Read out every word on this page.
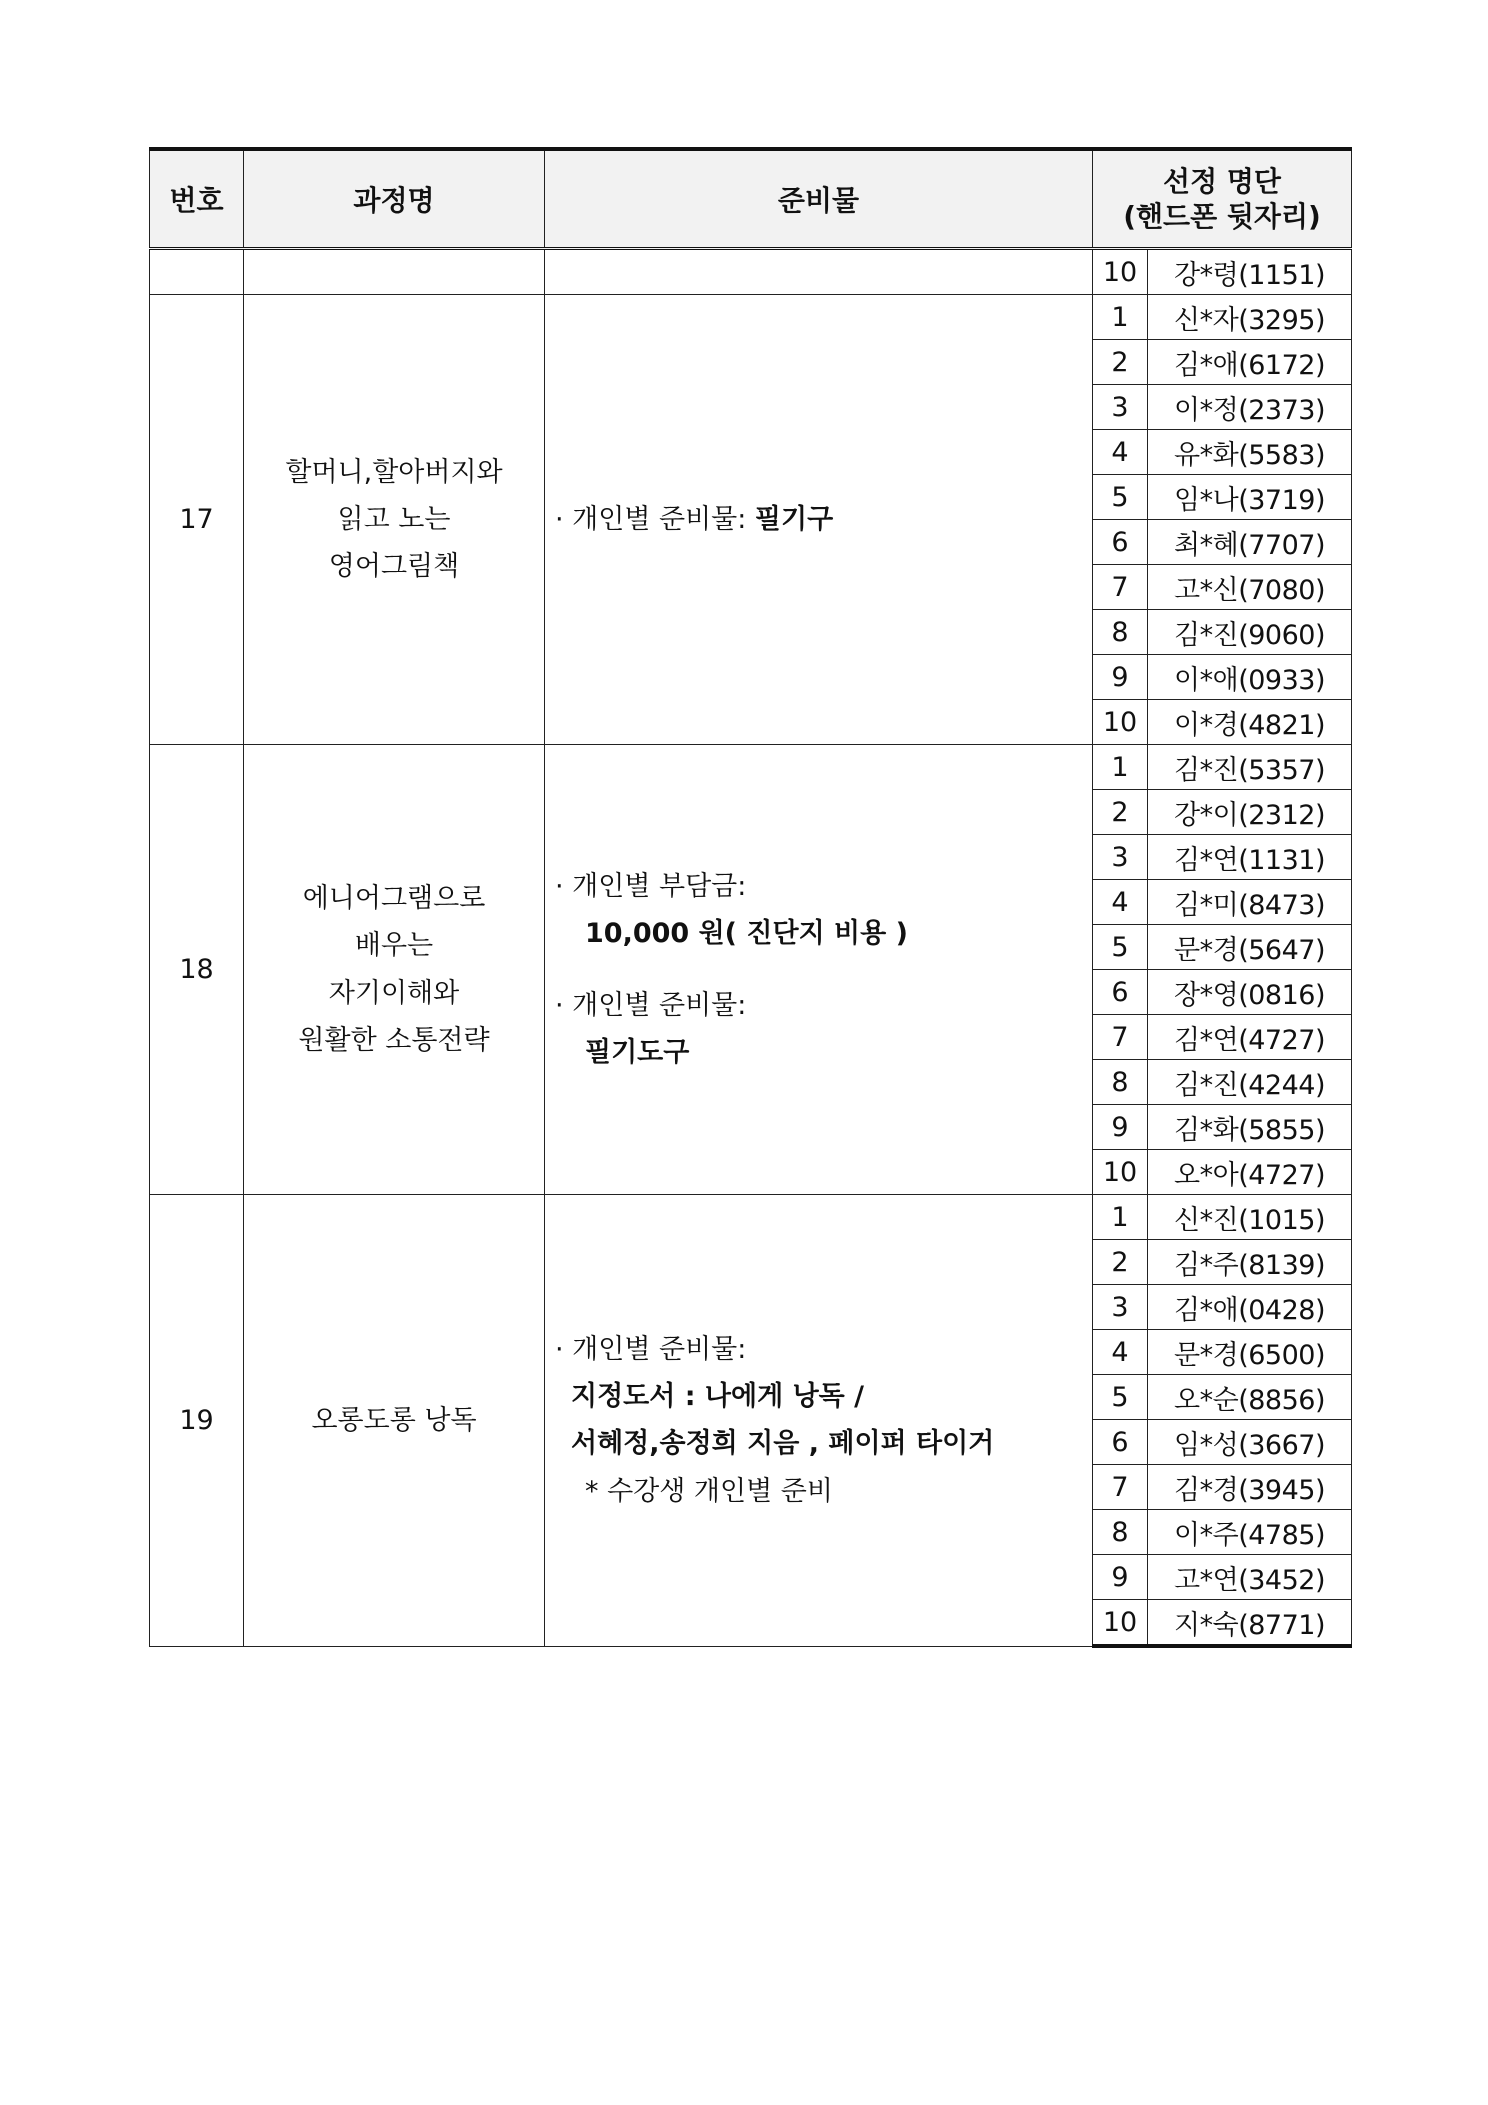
번호	과정명	준비물	선정 명단
(핸드폰 뒷자리)	

			10	강*령(1151)
17	할머니,할아버지와
읽고 노는
영어그림책	· 개인별 준비물: 필기구	1	신*자(3295)
			2	김*애(6172)
			3	이*정(2373)
			4	유*화(5583)
			5	임*나(3719)
			6	최*혜(7707)
			7	고*신(7080)
			8	김*진(9060)
			9	이*애(0933)
			10	이*경(4821)
18	에니어그램으로
배우는
자기이해와
원활한 소통전략	· 개인별 부담금:
10,000 원( 진단지 비용 )
· 개인별 준비물:
필기도구	1	김*진(5357)
			2	강*이(2312)
			3	김*연(1131)
			4	김*미(8473)
			5	문*경(5647)
			6	장*영(0816)
			7	김*연(4727)
			8	김*진(4244)
			9	김*화(5855)
			10	오*아(4727)
19	오롱도롱 낭독	· 개인별 준비물:
지정도서 : 나에게 낭독 /
서혜정,송정희 지음 , 페이퍼 타이거
* 수강생 개인별 준비	1	신*진(1015)
			2	김*주(8139)
			3	김*애(0428)
			4	문*경(6500)
			5	오*순(8856)
			6	임*성(3667)
			7	김*경(3945)
			8	이*주(4785)
			9	고*연(3452)
			10	지*숙(8771)
